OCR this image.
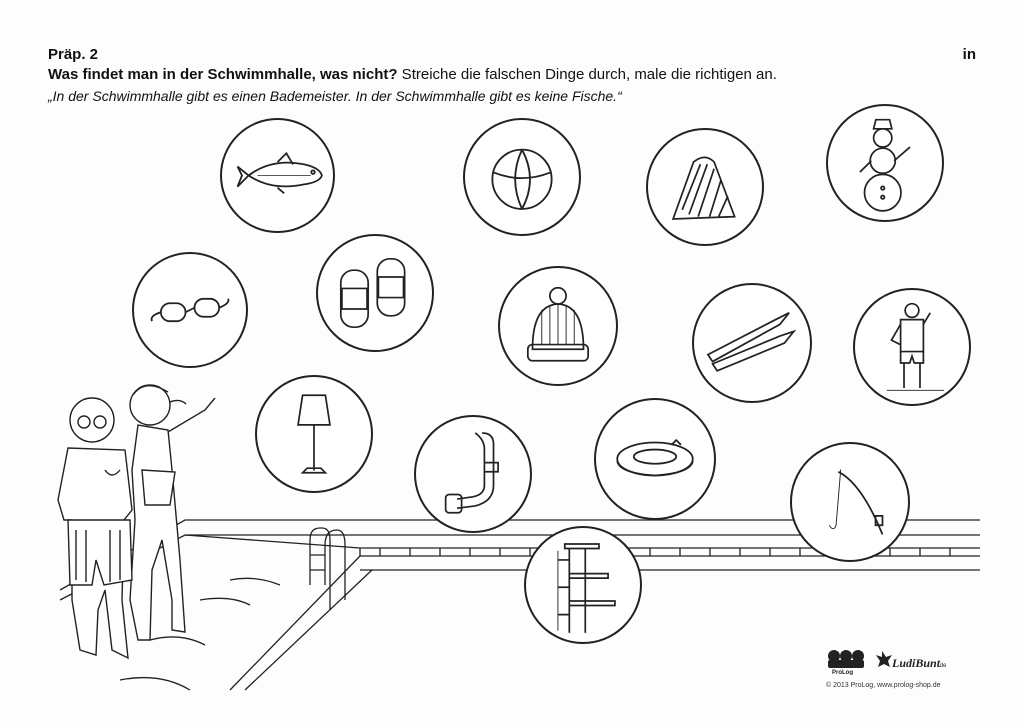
Präp. 2	in
Was findet man in der Schwimmhalle, was nicht? Streiche die falschen Dinge durch, male die richtigen an.
„In der Schwimmhalle gibt es einen Bademeister. In der Schwimmhalle gibt es keine Fische.“
ProLog
LudiBunt
.de
© 2013 ProLog, www.prolog-shop.de
